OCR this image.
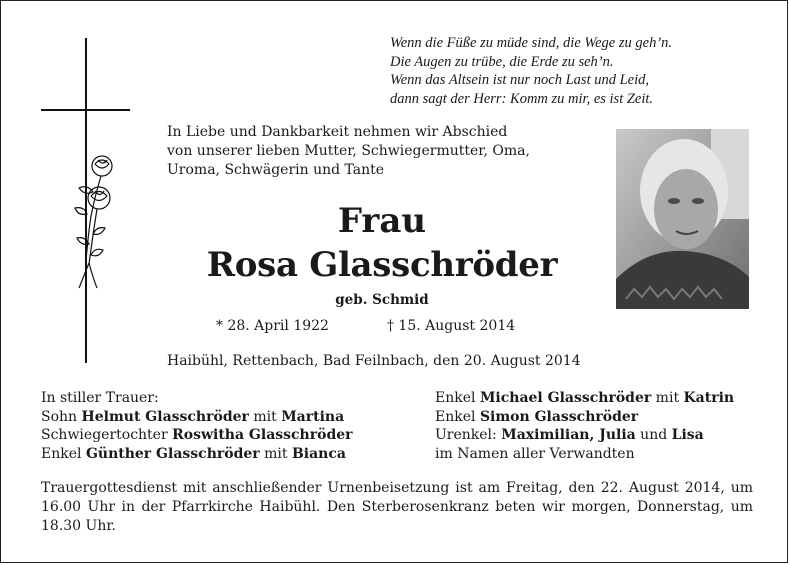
Wenn die Füße zu müde sind, die Wege zu geh’n.
Die Augen zu trübe, die Erde zu seh’n.
Wenn das Altsein ist nur noch Last und Leid,
dann sagt der Herr: Komm zu mir, es ist Zeit.
In Liebe und Dankbarkeit nehmen wir Abschied
von unserer lieben Mutter, Schwiegermutter, Oma,
Uroma, Schwägerin und Tante
Frau
Rosa Glasschröder
geb. Schmid
* 28. April 1922	† 15. August 2014
Haibühl, Rettenbach, Bad Feilnbach, den 20. August 2014
In stiller Trauer:
Sohn Helmut Glasschröder mit Martina
Schwiegertochter Roswitha Glasschröder
Enkel Günther Glasschröder mit Bianca
Enkel Michael Glasschröder mit Katrin
Enkel Simon Glasschröder
Urenkel: Maximilian, Julia und Lisa
im Namen aller Verwandten
Trauergottesdienst mit anschließender Urnenbeisetzung ist am Freitag, den 22. August 2014, um 16.00 Uhr in der Pfarrkirche Haibühl. Den Sterberosenkranz beten wir morgen, Donnerstag, um 18.30 Uhr.
